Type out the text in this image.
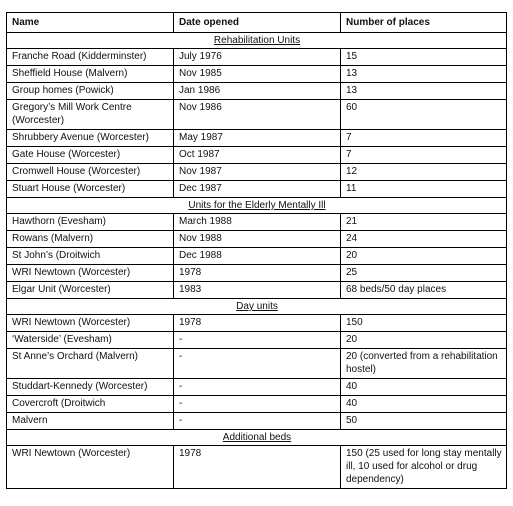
Name	Date opened	Number of places
Rehabilitation Units		
Franche Road (Kidderminster)	July 1976	15
Sheffield House (Malvern)	Nov 1985	13
Group homes (Powick)	Jan 1986	13
Gregory’s Mill Work Centre (Worcester)	Nov 1986	60
Shrubbery Avenue (Worcester)	May 1987	7
Gate House (Worcester)	Oct 1987	7
Cromwell House (Worcester)	Nov 1987	12
Stuart House (Worcester)	Dec 1987	11
Units for the Elderly Mentally Ill		
Hawthorn (Evesham)	March 1988	21
Rowans (Malvern)	Nov 1988	24
St John’s (Droitwich	Dec 1988	20
WRI Newtown (Worcester)	1978	25
Elgar Unit (Worcester)	1983	68 beds/50 day places
Day units		
WRI Newtown (Worcester)	1978	150
‘Waterside’ (Evesham)	-	20
St Anne’s Orchard (Malvern)	-	20 (converted from a rehabilitation hostel)
Studdart-Kennedy (Worcester)	-	40
Covercroft (Droitwich	-	40
Malvern	-	50
Additional beds		
WRI Newtown (Worcester)	1978	150 (25 used for long stay mentally ill, 10 used for alcohol or drug dependency)
